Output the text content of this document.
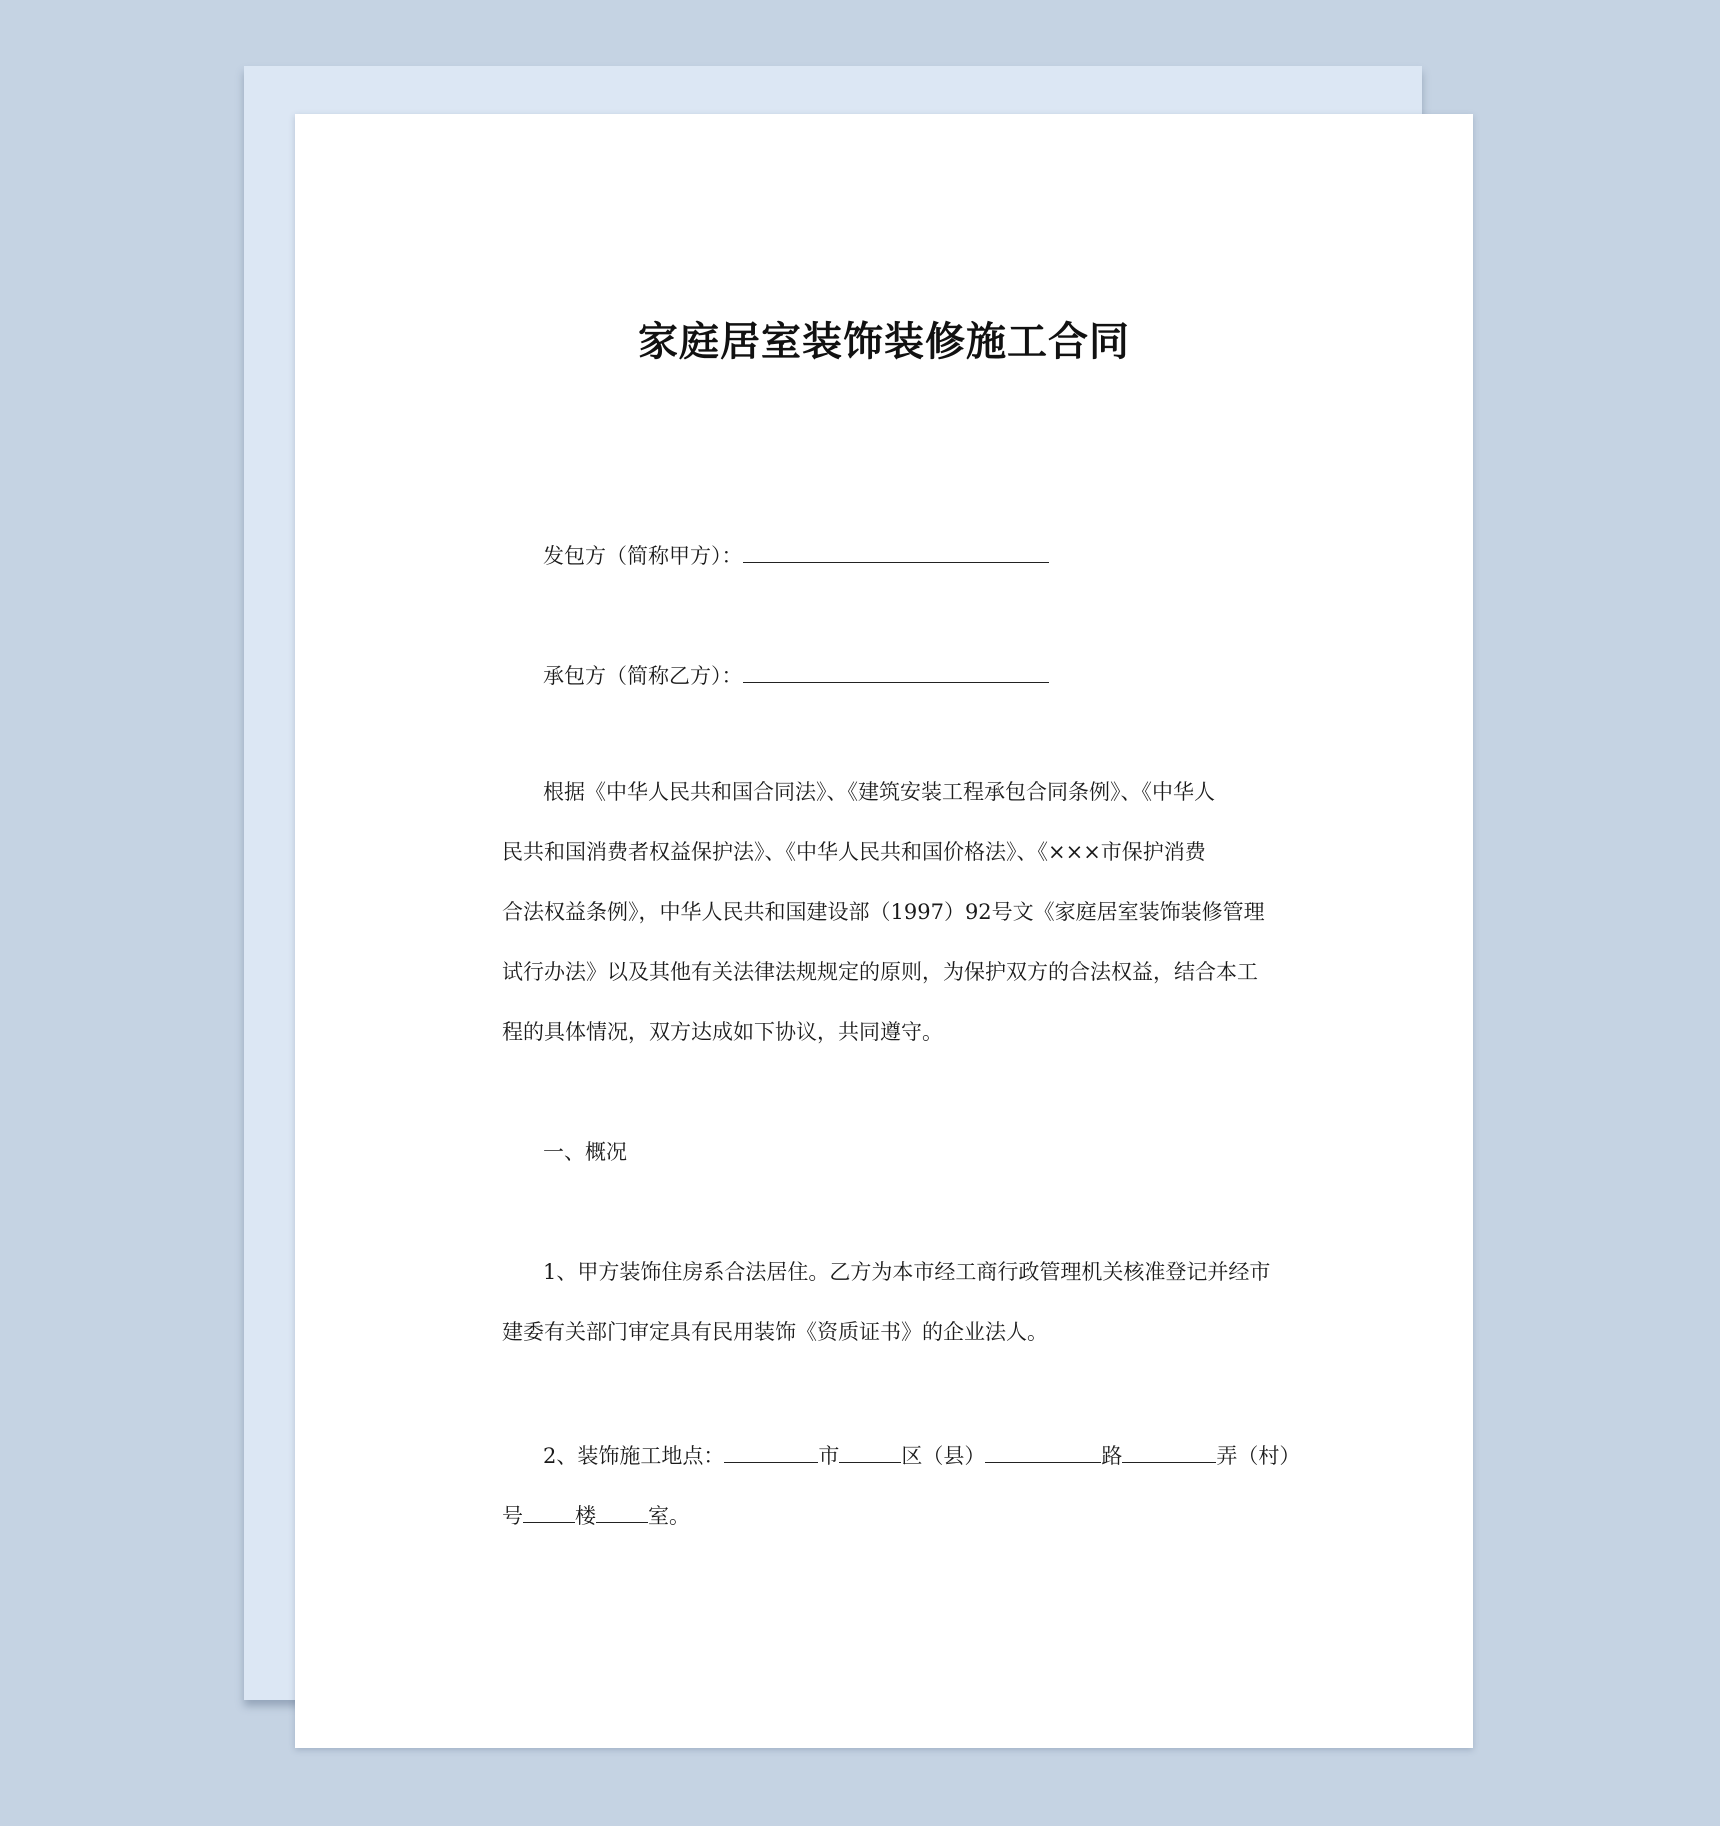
家庭居室装饰装修施工合同
发包方（简称甲方）：
承包方（简称乙方）：
根据《中华人民共和国合同法》、《建筑安装工程承包合同条例》、《中华人
民共和国消费者权益保护法》、《中华人民共和国价格法》、《×××市保护消费
合法权益条例》，中华人民共和国建设部（1997）92号文《家庭居室装饰装修管理
试行办法》以及其他有关法律法规规定的原则，为保护双方的合法权益，结合本工
程的具体情况，双方达成如下协议，共同遵守。
一、概况
1、甲方装饰住房系合法居住。乙方为本市经工商行政管理机关核准登记并经市
建委有关部门审定具有民用装饰《资质证书》的企业法人。
2、装饰施工地点：	市	区（县）	路	弄（村）
号 楼 室。
